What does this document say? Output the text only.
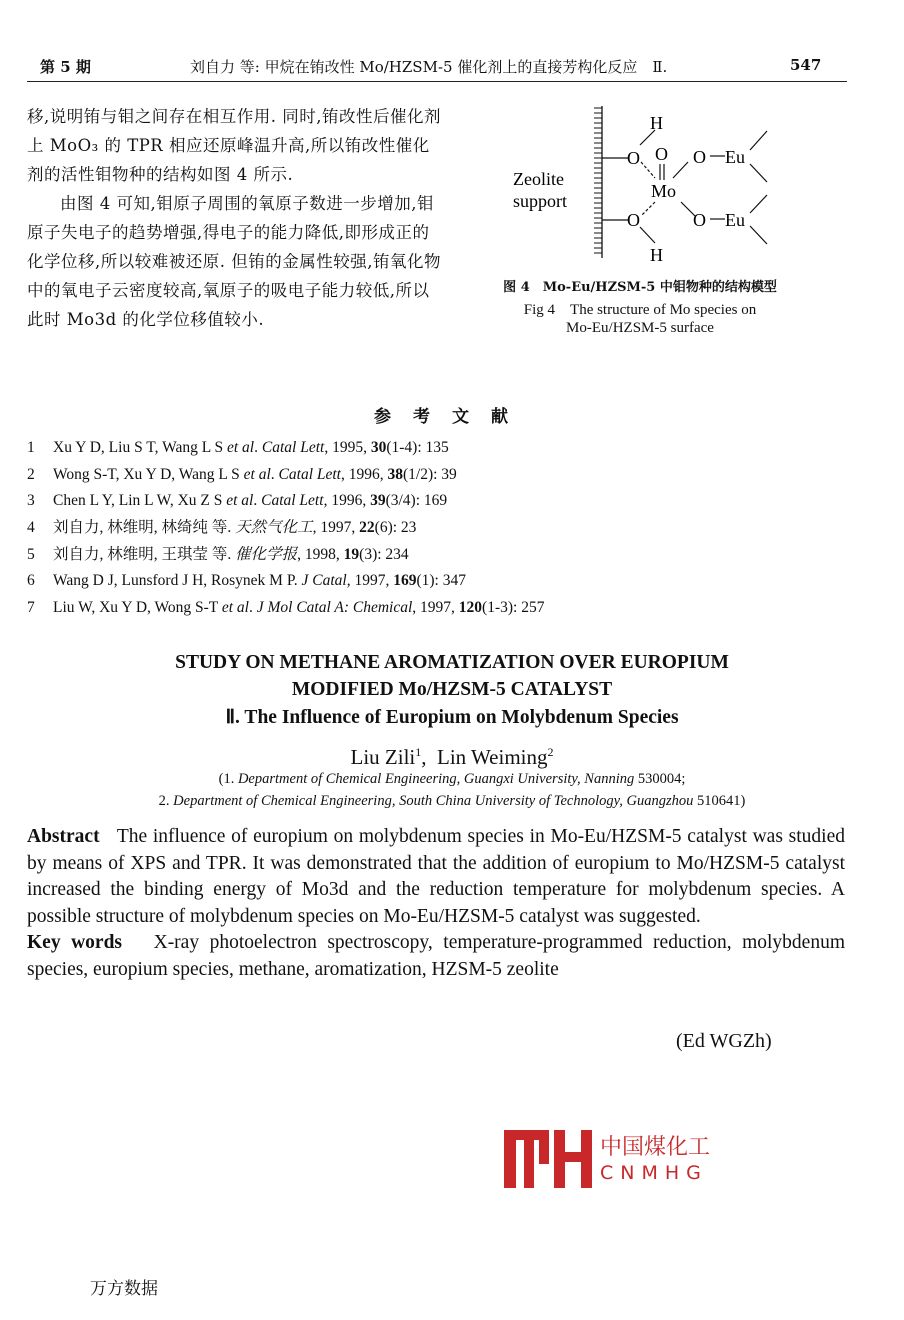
第 5 期	刘自力 等: 甲烷在铕改性 Mo/HZSM-5 催化剂上的直接芳构化反应　Ⅱ.	547

移,说明铕与钼之间存在相互作用. 同时,铕改性后催化剂上 MoO₃ 的 TPR 相应还原峰温升高,所以铕改性催化剂的活性钼物种的结构如图 4 所示.

由图 4 可知,钼原子周围的氧原子数进一步增加,钼原子失电子的趋势增强,得电子的能力降低,即形成正的化学位移,所以较难被还原. 但铕的金属性较强,铕氧化物中的氧电子云密度较高,氧原子的吸电子能力较低,所以此时 Mo3d 的化学位移值较小.

Zeolite
support
H
O O
Mo
O Eu
O	O Eu
H
图 4　Mo-Eu/HZSM-5 中钼物种的结构模型
Fig 4　The structure of Mo species on
Mo-Eu/HZSM-5 surface
参考文献
1 Xu Y D, Liu S T, Wang L S et al. Catal Lett, 1995, 30(1-4): 135
2 Wong S-T, Xu Y D, Wang L S et al. Catal Lett, 1996, 38(1/2): 39
3 Chen L Y, Lin L W, Xu Z S et al. Catal Lett, 1996, 39(3/4): 169
4 刘自力, 林维明, 林绮纯 等. 天然气化工, 1997, 22(6): 23
5 刘自力, 林维明, 王琪莹 等. 催化学报, 1998, 19(3): 234
6 Wang D J, Lunsford J H, Rosynek M P. J Catal, 1997, 169(1): 347
7 Liu W, Xu Y D, Wong S-T et al. J Mol Catal A: Chemical, 1997, 120(1-3): 257
STUDY ON METHANE AROMATIZATION OVER EUROPIUM
MODIFIED Mo/HZSM-5 CATALYST
Ⅱ. The Influence of Europium on Molybdenum Species
Liu Zili$^1$,  Lin Weiming$^2$
(1. Department of Chemical Engineering, Guangxi University, Nanning 530004;
2. Department of Chemical Engineering, South China University of Technology, Guangzhou 510641)

Abstract The influence of europium on molybdenum species in Mo-Eu/HZSM-5 catalyst was studied by means of XPS and TPR. It was demonstrated that the addition of europium to Mo/HZSM-5 catalyst increased the binding energy of Mo3d and the reduction temperature for molybdenum species. A possible structure of molybdenum species on Mo-Eu/HZSM-5 catalyst was suggested.

Key words X-ray photoelectron spectroscopy, temperature-programmed reduction, molybdenum species, europium species, methane, aromatization, HZSM-5 zeolite

(Ed WGZh)
中国煤化工
CNMHG
万方数据
